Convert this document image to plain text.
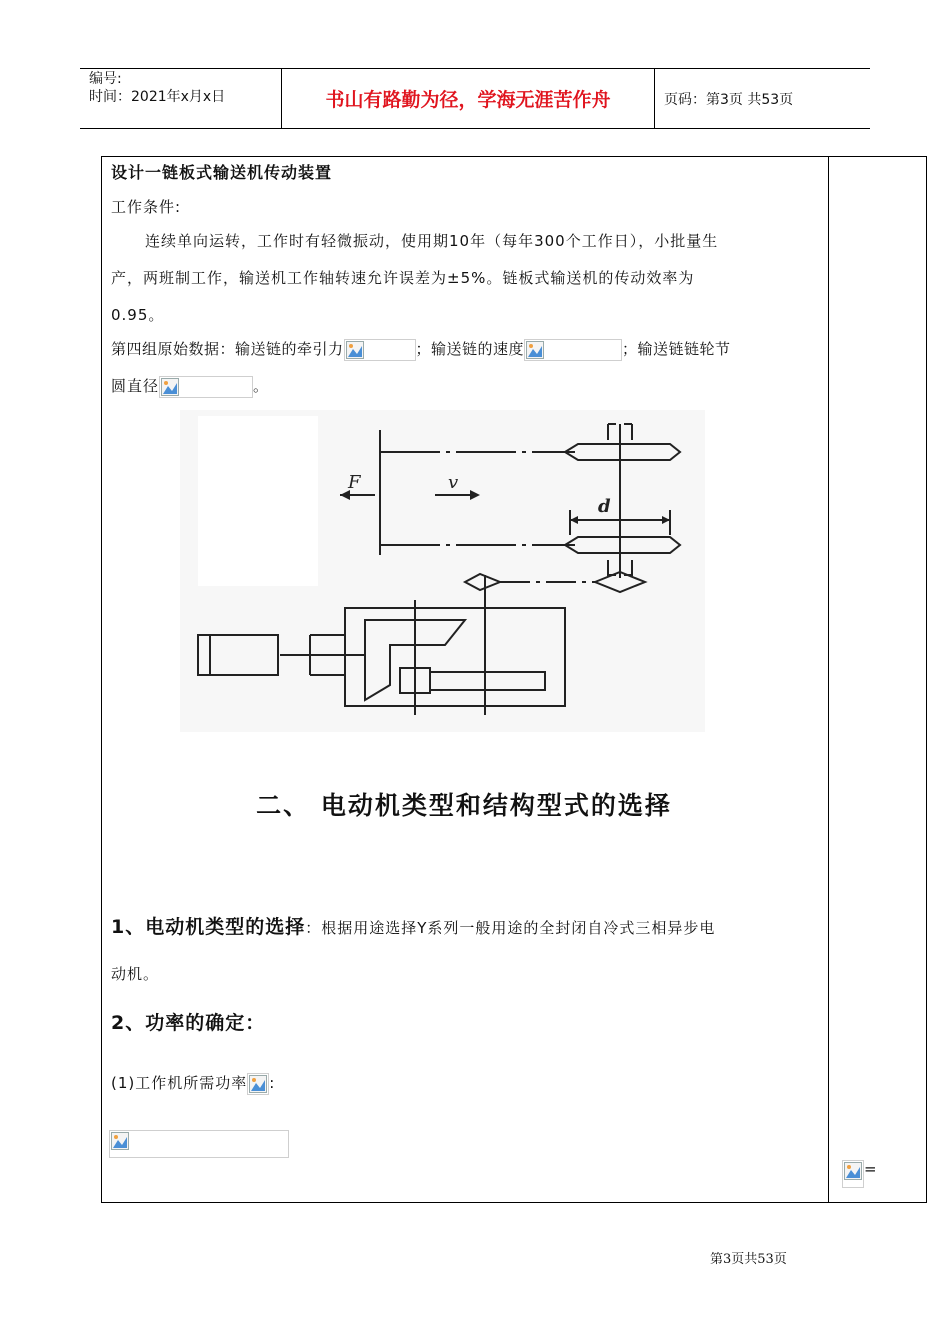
编号:
时间：2021年x月x日	书山有路勤为径，学海无涯苦作舟	页码：第3页 共53页
设计一链板式输送机传动装置
工作条件:
连续单向运转，工作时有轻微振动，使用期10年（每年300个工作日），小批量生
产，两班制工作，输送机工作轴转速允许误差为±5%。链板式输送机的传动效率为
0.95。
第四组原始数据：输送链的牵引力	；输送链的速度	；输送链链轮节
圆直径	。
F	v
d
二、 电动机类型和结构型式的选择
1、电动机类型的选择：根据用途选择Y系列一般用途的全封闭自冷式三相异步电
动机。
2、功率的确定：
(1)工作机所需功率 :
=
第3页共53页
